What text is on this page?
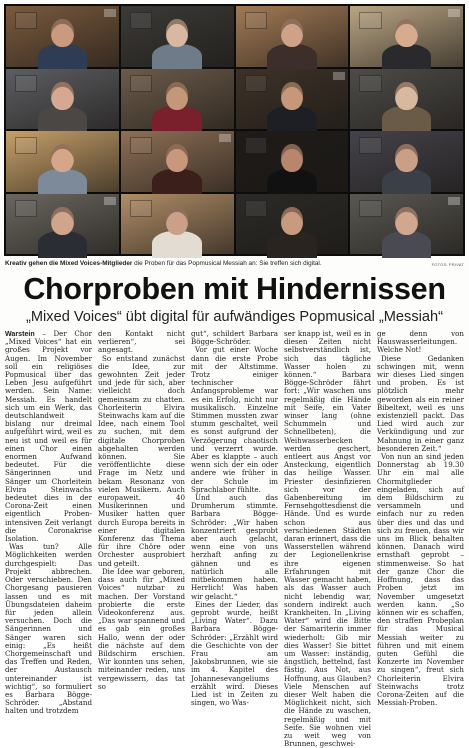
Kreativ gehen die Mixed Voices-Mitglieder die Proben für das Popmusical Messiah an: Sie treffen sich digital.	FOTOS: PRIVAT
Chorproben mit Hindernissen
„Mixed Voices“ übt digital für aufwändiges Popmusical „Messiah“

Warstein – Der Chor „Mixed Voices“ hat ein großes Projekt vor Augen. Im November soll ein religiöses Popmusical über das Leben Jesu aufgeführt werden. Sein Name: Messiah. Es handelt sich um ein Werk, das deutschlandweit bislang nur dreimal aufgeführt wird, weil es neu ist und weil es für einen Chor einen enormen Aufwand bedeutet. Für die Sängerinnen und Sänger um Chorleitein Elvira Steinwachs bedeutet dies in der Corona-Zeit einen eigentlich Proben-intensiven Zeit verlangt die Coronakrise Isolation.

Was tun? Alle Möglichkeiten werden durchgespielt: Das Projekt abbrechen. Oder verschieben. Den Chorgesang pausieren lassen und es mit Übungsdateien daheim für jeden allein versuchen. Doch die Sängerinnen und Sänger waren sich einig: „Es heißt Chorgemeinschaft und das Treffen und Reden, der Austausch untereinander ist wichtig“, so formuliert es Barbara Bögge-Schröder. „Abstand halten und trotzdem

den Kontakt nicht verlieren“, sei angesagt.

So entstand zunächst die Idee, zur gewohnten Zeit jeder und jede für sich, aber vielleicht doch gemeinsam zu chatten. Chorleiterin Elvira Steinwachs kam auf die Idee, nach einem Tool zu suchen, mit dem digitale Chorproben abgehalten werden können. Sie veröffentlichte diese Frage im Netz und bekam Resonanz von vielen Musikern. Auch europaweit. 40 Musikerinnen und Musiker hatten quer durch Europa bereits in einer digitalen Konferenz das Thema für ihre Chöre oder Orchester ausprobiert und geteilt.

Die Idee war geboren, dass auch für „Mixed Voices“ nutzbar zu machen. Der Vorstand probierte die erste Videokonferenz aus. „Das war spannend und es gab ein großes Hallo, wenn der oder die nächste auf dem Bildschirm erschien. Wir konnten uns sehen, miteinander reden, uns vergewissern, das tat so

gut“, schildert Barbara Bögge-Schröder.

Vor gut einer Woche dann die erste Probe mit der Altstimme. Trotz einiger technischer Anfangsprobleme war es ein Erfolg, nicht nur musikalisch. Einzelne Stimmen mussten zwar stumm geschaltet, weil es sonst aufgrund der Verzögerung chaotisch und verzerrt wurde. Aber es klappte – auch wenn sich der ein oder andere wie früher in der Schule im Sprachlabor fühlte.

Und auch das Drumherum stimmte. Barbara Bögge-Schröder: „Wir haben konzentriert gesprobt aber auch gelacht, wenn eine von uns herzhaft anfing zu gähnen und es natürlich alle mitbekommen haben. Herrlich! Was haben wir gelacht.“

Eines der Lieder, das geprobt wurde, heißt „Living Water“. Dazu Barbara Bögge-Schröder: „Erzählt wird die Geschichte von der Frau am Jakobsbrunnen, wie sie im 4. Kapitel des Johannesevangeliums erzählt wird. Dieses Lied ist in Zeiten zu singen, wo Was-

ser knapp ist, weil es in diesen Zeiten nicht selbstverständlich ist, sich das tägliche Wasser holen zu können.“ Barbara Bögge-Schröder fährt fort: „Wir waschen uns regelmäßig die Hände mit Seife, ein Vater winser lang (ohne Schummeln und Schnellbeten), die Weihwasserbecken werden geschert, entleert aus Angst vor Ansteckung, eigentlich das heilige Wasser. Priester desinfizieren sich vor der Gabenbereitung im Fernsehgottesdienst die Hände. Und es wurde schon aus verschiedenen Städten daran erinnert, dass die Wasserstellen während der Legionellenkrise ihre eigenen Erfahrungen mit Wasser gemacht haben, als das Wasser auch nicht lebendig war, sondern indirekt auch Krankheiten. In „Living Water“ wird die Bitte der Samariterin immer wiederholt: Gib mir dies Wasser! Sie bittet um Wasser: inständig, ängstlich, bettelnd, fast fästig. Aus Not, aus Hoffnung, aus Glauben? Viele Menschen auf dieser Welt haben die Möglichkeit nicht, sich die Hände zu waschen, regelmäßig und mit Seife. Sie wohnen viel zu weit weg von Brunnen, geschwei-

ge denn von Hauswasserleitungen. Welche Not!

Diese Gedanken schwingen mit, wenn wir dieses Lied singen und proben. Es ist plötzlich mehr geworden als ein reiner Bibeltext, weil es uns existenziell packt. Das Lied wird auch zur Verkündigung und zur Mahnung in einer ganz besonderen Zeit.“

Von nun an sind jeden Donnerstag ab 19.30 Uhr ein mal alle Chormitglieder eingeladen, sich auf dem Bildschirm zu versammeln und einfach nur zu reden über dies und das und sich zu freuen, dass wir uns im Blick behalten können. Danach wird ernsthaft geprobt – stimmenweise. So hat der ganze Chor die Hoffnung, dass das Proben jetzt im November umgesetzt werden kann. „So können wir es schaffen, den straffen Probeplan für das Musical Messiah weiter zu führen und mit einem guten Gefühl die Konzerte im November zu singen“, freut sich Chorleiterin Elvira Steinwachs trotz Corona-Zeiten auf die Messiah-Proben.
